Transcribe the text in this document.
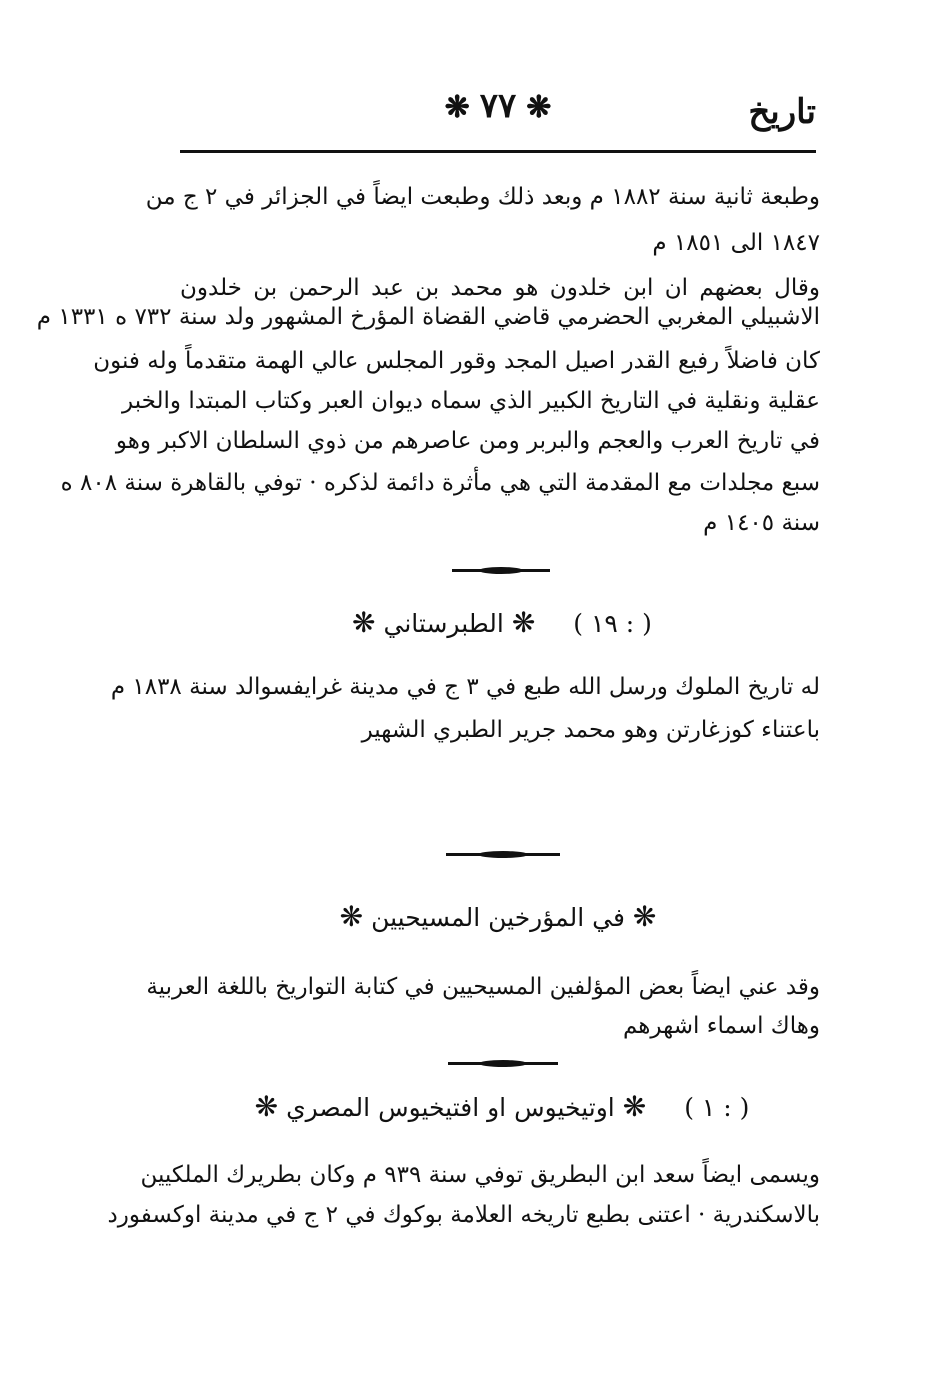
تاريخ
❋ ٧٧ ❋
وطبعة ثانية سنة ١٨٨٢ م وبعد ذلك وطبعت ايضاً في الجزائر في ٢ ج من
١٨٤٧ الى ١٨٥١ م
وقال بعضهم ان ابن خلدون هو محمد بن عبد الرحمن بن خلدون
الاشبيلي المغربي الحضرمي قاضي القضاة المؤرخ المشهور ولد سنة ٧٣٢ ه ١٣٣١ م
كان فاضلاً رفيع القدر اصيل المجد وقور المجلس عالي الهمة متقدماً وله فنون
عقلية ونقلية في التاريخ الكبير الذي سماه ديوان العبر وكتاب المبتدا والخبر
في تاريخ العرب والعجم والبربر ومن عاصرهم من ذوي السلطان الاكبر وهو
سبع مجلدات مع المقدمة التي هي مأثرة دائمة لذكره · توفي بالقاهرة سنة ٨٠٨ ه
سنة ١٤٠٥ م
( ١٩ : )❋الطبرستاني❋
له تاريخ الملوك ورسل الله طبع في ٣ ج في مدينة غرايفسوالد سنة ١٨٣٨ م
باعتناء كوزغارتن وهو محمد جرير الطبري الشهير
❋في المؤرخين المسيحيين❋
وقد عني ايضاً بعض المؤلفين المسيحيين في كتابة التواريخ باللغة العربية
وهاك اسماء اشهرهم
( ١ : )❋اوتيخيوس او افتيخيوس المصري❋
ويسمى ايضاً سعد ابن البطريق توفي سنة ٩٣٩ م وكان بطريرك الملكيين
بالاسكندرية · اعتنى بطبع تاريخه العلامة بوكوك في ٢ ج في مدينة اوكسفورد
